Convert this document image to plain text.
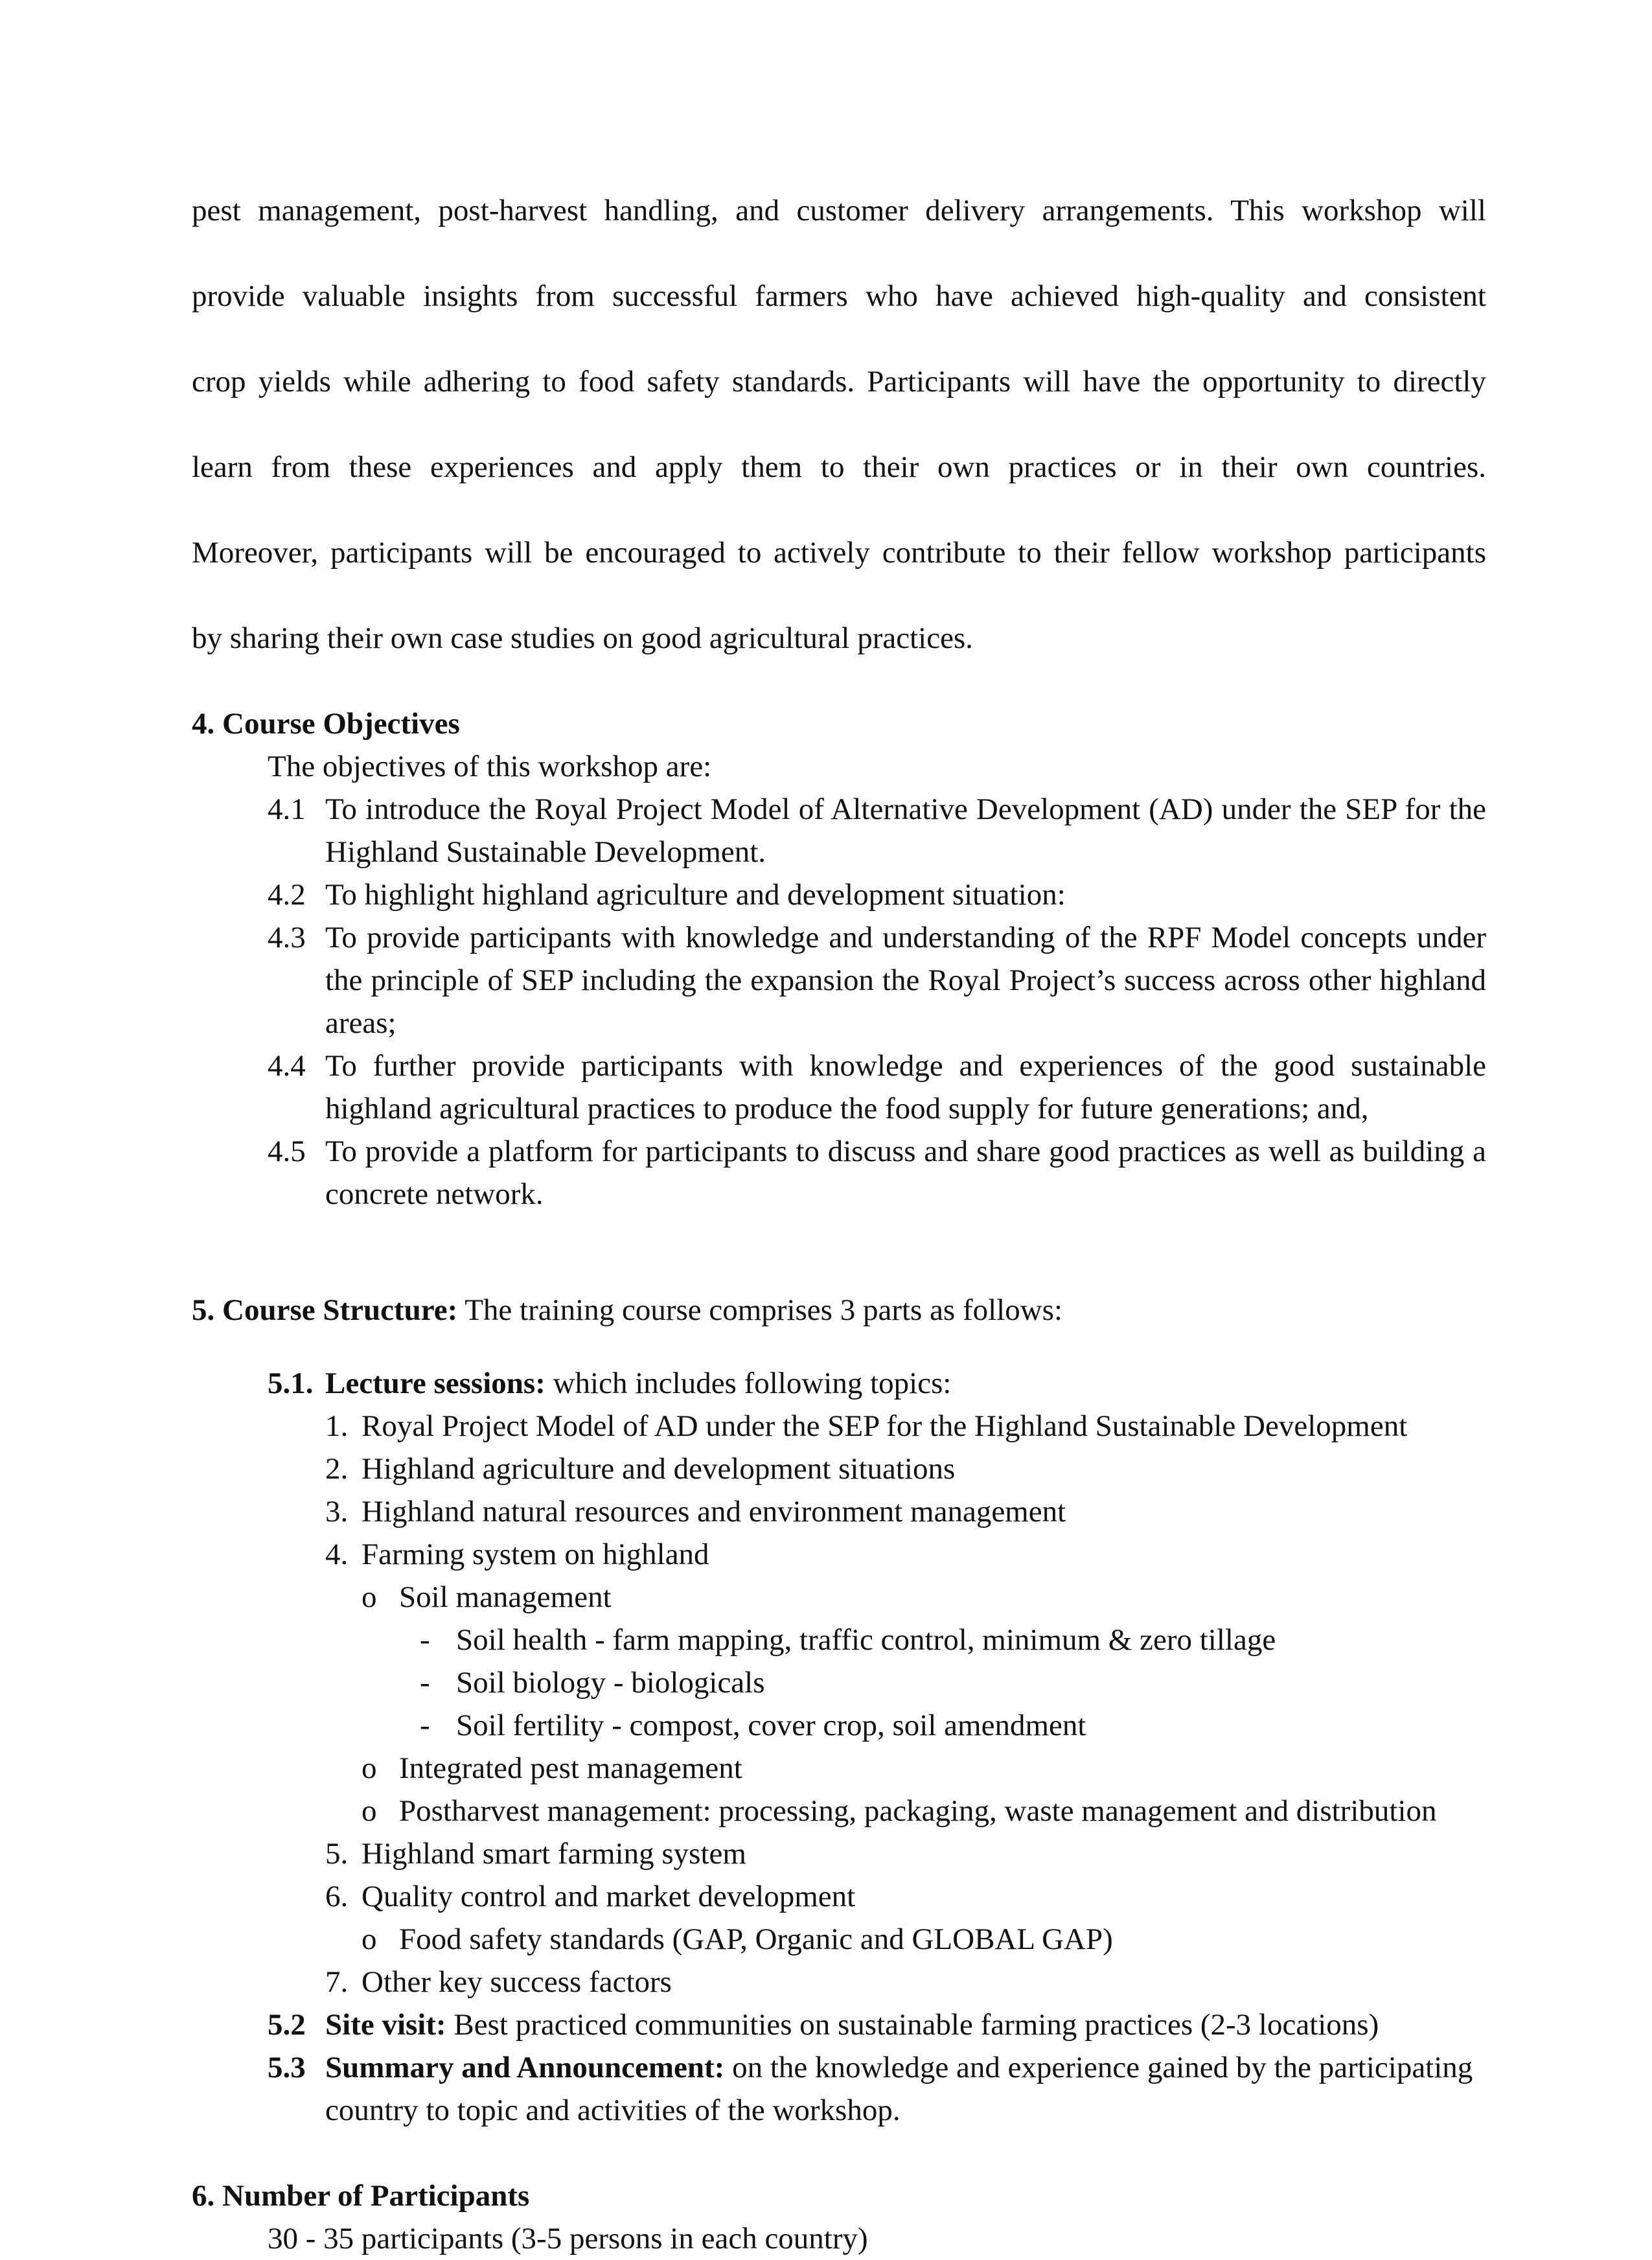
pest management, post-harvest handling, and customer delivery arrangements. This workshop will

provide valuable insights from successful farmers who have achieved high-quality and consistent

crop yields while adhering to food safety standards. Participants will have the opportunity to directly

learn from these experiences and apply them to their own practices or in their own countries.

Moreover, participants will be encouraged to actively contribute to their fellow workshop participants

by sharing their own case studies on good agricultural practices.

4. Course Objectives

The objectives of this workshop are:
4.1 To introduce the Royal Project Model of Alternative Development (AD) under the SEP for the Highland Sustainable Development.
4.2 To highlight highland agriculture and development situation:
4.3 To provide participants with knowledge and understanding of the RPF Model concepts under the principle of SEP including the expansion the Royal Project’s success across other highland areas;
4.4 To further provide participants with knowledge and experiences of the good sustainable highland agricultural practices to produce the food supply for future generations; and,
4.5 To provide a platform for participants to discuss and share good practices as well as building a concrete network.

5. Course Structure: The training course comprises 3 parts as follows:

5.1. Lecture sessions: which includes following topics:
1. Royal Project Model of AD under the SEP for the Highland Sustainable Development
2. Highland agriculture and development situations
3. Highland natural resources and environment management
4. Farming system on highland
o Soil management
- Soil health - farm mapping, traffic control, minimum & zero tillage
- Soil biology - biologicals
- Soil fertility - compost, cover crop, soil amendment
o Integrated pest management
o Postharvest management: processing, packaging, waste management and distribution
5. Highland smart farming system
6. Quality control and market development
o Food safety standards (GAP, Organic and GLOBAL GAP)
7. Other key success factors
5.2 Site visit: Best practiced communities on sustainable farming practices (2-3 locations)
5.3 Summary and Announcement: on the knowledge and experience gained by the participating country to topic and activities of the workshop.

6. Number of Participants

30 - 35 participants (3-5 persons in each country)
